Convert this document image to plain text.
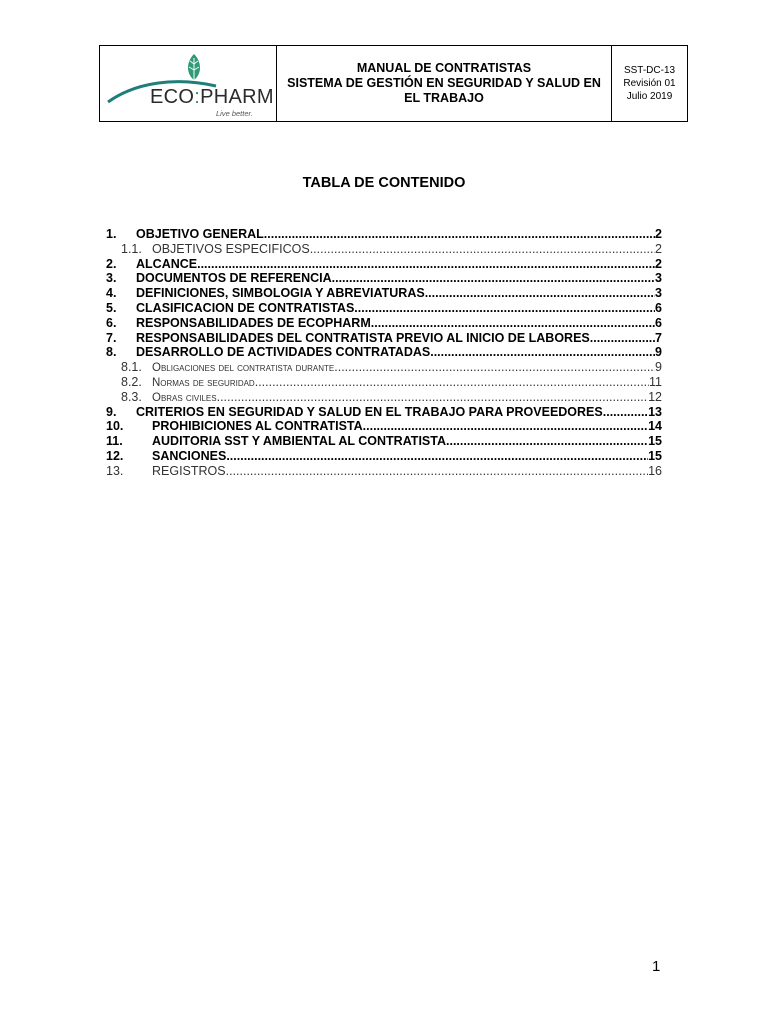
ECO:PHARM
Live better.
MANUAL DE CONTRATISTAS
SISTEMA DE GESTIÓN EN SEGURIDAD Y SALUD EN
EL TRABAJO
SST-DC-13
Revisión 01
Julio 2019
TABLA DE CONTENIDO
1.	OBJETIVO GENERAL .....	2
1.1. OBJETIVOS ESPECIFICOS .....	2
2.	ALCANCE .....	2
3.	DOCUMENTOS DE REFERENCIA .....	3
4.	DEFINICIONES, SIMBOLOGIA Y ABREVIATURAS .....	3
5.	CLASIFICACION DE CONTRATISTAS .....	6
6.	RESPONSABILIDADES DE ECOPHARM .....	6
7.	RESPONSABILIDADES DEL CONTRATISTA PREVIO AL INICIO DE LABORES .....	7
8.	DESARROLLO DE ACTIVIDADES CONTRATADAS .....	9
8.1. Obligaciones del contratista durante .....	9
8.2. Normas de seguridad .....	11
8.3. Obras civiles .....	12
9.	CRITERIOS EN SEGURIDAD Y SALUD EN EL TRABAJO PARA PROVEEDORES .....	13
10.	PROHIBICIONES AL CONTRATISTA .....	14
11.	AUDITORIA SST Y AMBIENTAL AL CONTRATISTA .....	15
12.	SANCIONES .....	15
13.	REGISTROS .....	16
1
